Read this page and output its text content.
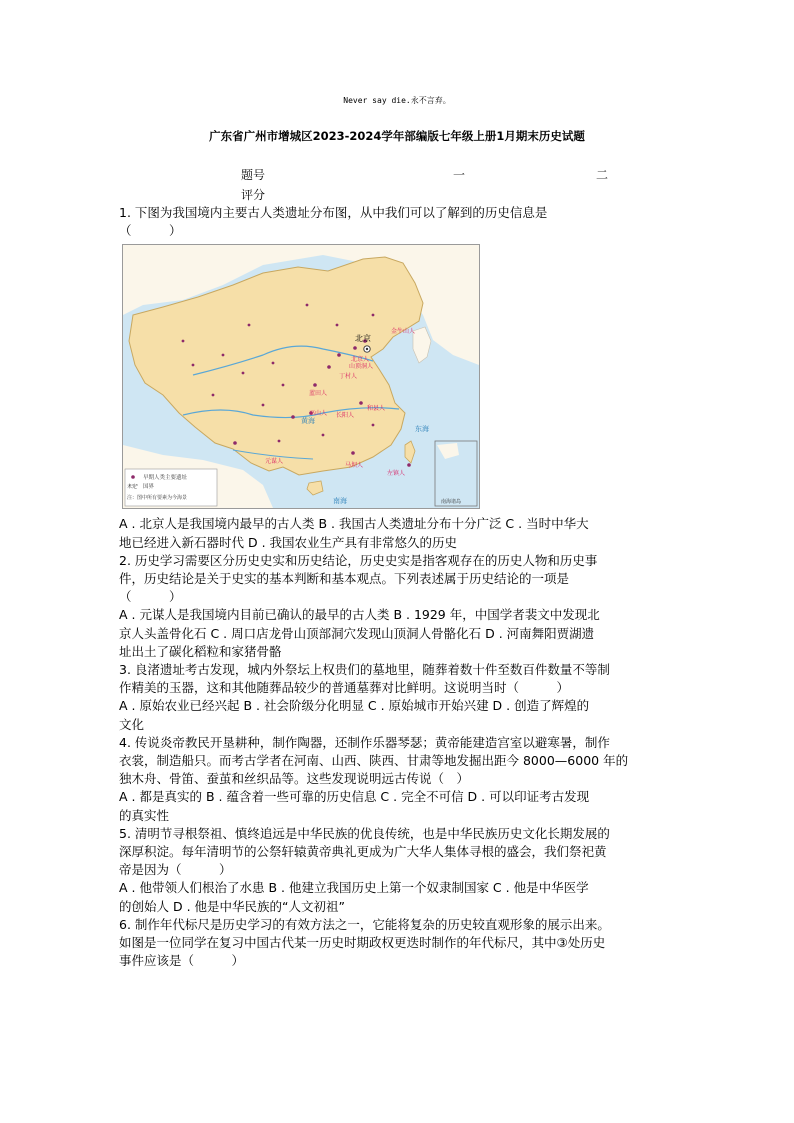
Never say die.永不言弃。
广东省广州市增城区2023-2024学年部编版七年级上册1月期末历史试题
题号	一	二
评分

1. 下图为我国境内主要古人类遗址分布图，从中我们可以了解到的历史信息是

（　　　）

北京
黄海
东海
南海
金牛山人
北京人
山顶洞人
丁村人
蓝田人
和县人
巫山人 长阳人
元谋人
马坝人
左镇人
早期人类主要遗址
未定 国界
注：图中所有要素为今海景
南海诸岛

A . 北京人是我国境内最早的古人类 B . 我国古人类遗址分布十分广泛 C . 当时中华大

地已经进入新石器时代 D . 我国农业生产具有非常悠久的历史

2. 历史学习需要区分历史史实和历史结论，历史史实是指客观存在的历史人物和历史事

件，历史结论是关于史实的基本判断和基本观点。下列表述属于历史结论的一项是

（　　　）

A . 元谋人是我国境内目前已确认的最早的古人类 B . 1929 年，中国学者裴文中发现北

京人头盖骨化石 C . 周口店龙骨山顶部洞穴发现山顶洞人骨骼化石 D . 河南舞阳贾湖遗

址出土了碳化稻粒和家猪骨骼

3. 良渚遗址考古发现，城内外祭坛上权贵们的墓地里，随葬着数十件至数百件数量不等制

作精美的玉器，这和其他随葬品较少的普通墓葬对比鲜明。这说明当时（　　　）

A . 原始农业已经兴起 B . 社会阶级分化明显 C . 原始城市开始兴建 D . 创造了辉煌的

文化

4. 传说炎帝教民开垦耕种，制作陶器，还制作乐器琴瑟；黄帝能建造宫室以避寒暑，制作

衣裳，制造船只。而考古学者在河南、山西、陕西、甘肃等地发掘出距今 8000—6000 年的

独木舟、骨笛、蚕茧和丝织品等。这些发现说明远古传说（　）

A . 都是真实的 B . 蕴含着一些可靠的历史信息 C . 完全不可信 D . 可以印证考古发现

的真实性

5. 清明节寻根祭祖、慎终追远是中华民族的优良传统，也是中华民族历史文化长期发展的

深厚积淀。每年清明节的公祭轩辕黄帝典礼更成为广大华人集体寻根的盛会，我们祭祀黄

帝是因为（　　　）

A . 他带领人们根治了水患 B . 他建立我国历史上第一个奴隶制国家 C . 他是中华医学

的创始人 D . 他是中华民族的“人文初祖”

6. 制作年代标尺是历史学习的有效方法之一，它能将复杂的历史较直观形象的展示出来。

如图是一位同学在复习中国古代某一历史时期政权更迭时制作的年代标尺，其中③处历史

事件应该是（　　　）
